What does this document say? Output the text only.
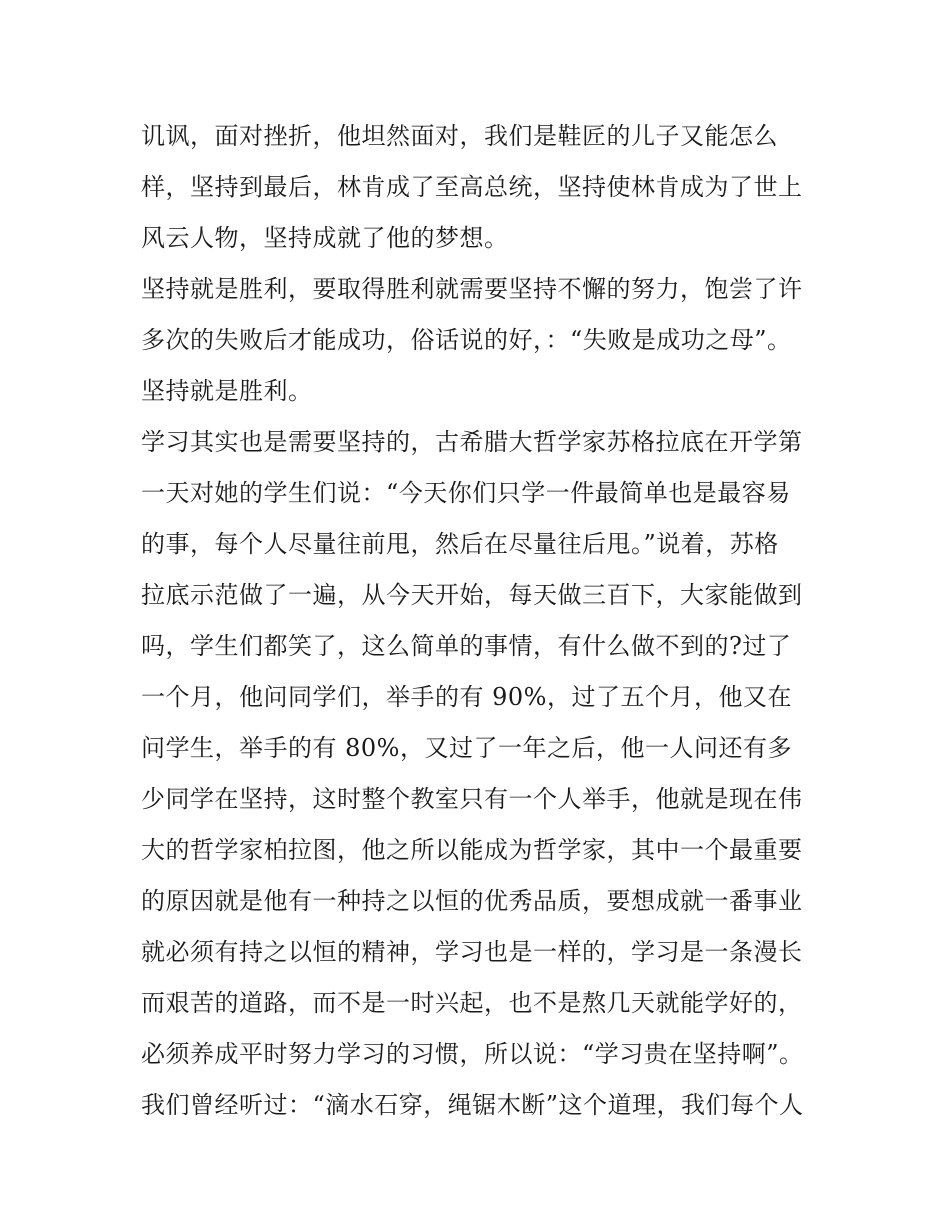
讥讽，面对挫折，他坦然面对，我们是鞋匠的儿子又能怎么
样，坚持到最后，林肯成了至高总统，坚持使林肯成为了世上
风云人物，坚持成就了他的梦想。
坚持就是胜利，要取得胜利就需要坚持不懈的努力，饱尝了许
多次的失败后才能成功，俗话说的好，：“失败是成功之母”。
坚持就是胜利。
学习其实也是需要坚持的，古希腊大哲学家苏格拉底在开学第
一天对她的学生们说：“今天你们只学一件最简单也是最容易
的事，每个人尽量往前甩，然后在尽量往后甩。”说着，苏格
拉底示范做了一遍，从今天开始，每天做三百下，大家能做到
吗，学生们都笑了，这么简单的事情，有什么做不到的?过了
一个月，他问同学们，举手的有 90%，过了五个月，他又在
问学生，举手的有 80%，又过了一年之后，他一人问还有多
少同学在坚持，这时整个教室只有一个人举手，他就是现在伟
大的哲学家柏拉图，他之所以能成为哲学家，其中一个最重要
的原因就是他有一种持之以恒的优秀品质，要想成就一番事业
就必须有持之以恒的精神，学习也是一样的，学习是一条漫长
而艰苦的道路，而不是一时兴起，也不是熬几天就能学好的，
必须养成平时努力学习的习惯，所以说：“学习贵在坚持啊”。
我们曾经听过：“滴水石穿，绳锯木断”这个道理，我们每个人
